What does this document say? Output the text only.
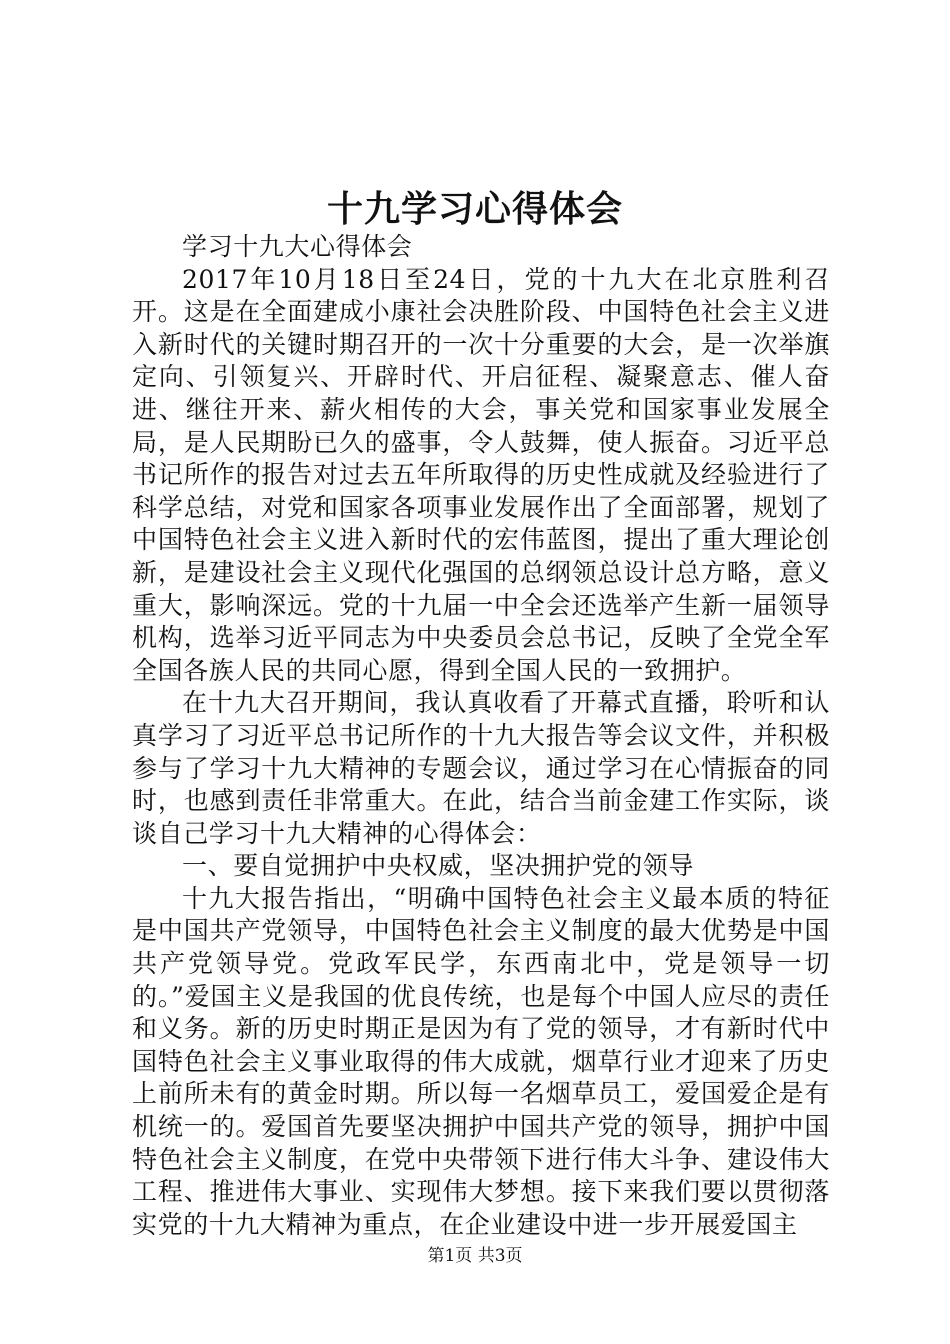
十九学习心得体会

学习十九大心得体会

2017年10月18日至24日，党的十九大在北京胜利召开。这是在全面建成小康社会决胜阶段、中国特色社会主义进入新时代的关键时期召开的一次十分重要的大会，是一次举旗定向、引领复兴、开辟时代、开启征程、凝聚意志、催人奋进、继往开来、薪火相传的大会，事关党和国家事业发展全局，是人民期盼已久的盛事，令人鼓舞，使人振奋。习近平总书记所作的报告对过去五年所取得的历史性成就及经验进行了科学总结，对党和国家各项事业发展作出了全面部署，规划了中国特色社会主义进入新时代的宏伟蓝图，提出了重大理论创新，是建设社会主义现代化强国的总纲领总设计总方略，意义重大，影响深远。党的十九届一中全会还选举产生新一届领导机构，选举习近平同志为中央委员会总书记，反映了全党全军全国各族人民的共同心愿，得到全国人民的一致拥护。

在十九大召开期间，我认真收看了开幕式直播，聆听和认真学习了习近平总书记所作的十九大报告等会议文件，并积极参与了学习十九大精神的专题会议，通过学习在心情振奋的同时，也感到责任非常重大。在此，结合当前金建工作实际，谈谈自己学习十九大精神的心得体会：

一、要自觉拥护中央权威，坚决拥护党的领导

十九大报告指出，“明确中国特色社会主义最本质的特征是中国共产党领导，中国特色社会主义制度的最大优势是中国共产党领导党。党政军民学，东西南北中，党是领导一切的。”爱国主义是我国的优良传统，也是每个中国人应尽的责任和义务。新的历史时期正是因为有了党的领导，才有新时代中国特色社会主义事业取得的伟大成就，烟草行业才迎来了历史上前所未有的黄金时期。所以每一名烟草员工，爱国爱企是有机统一的。爱国首先要坚决拥护中国共产党的领导，拥护中国特色社会主义制度，在党中央带领下进行伟大斗争、建设伟大工程、推进伟大事业、实现伟大梦想。接下来我们要以贯彻落实党的十九大精神为重点，在企业建设中进一步开展爱国主

第1页 共3页
